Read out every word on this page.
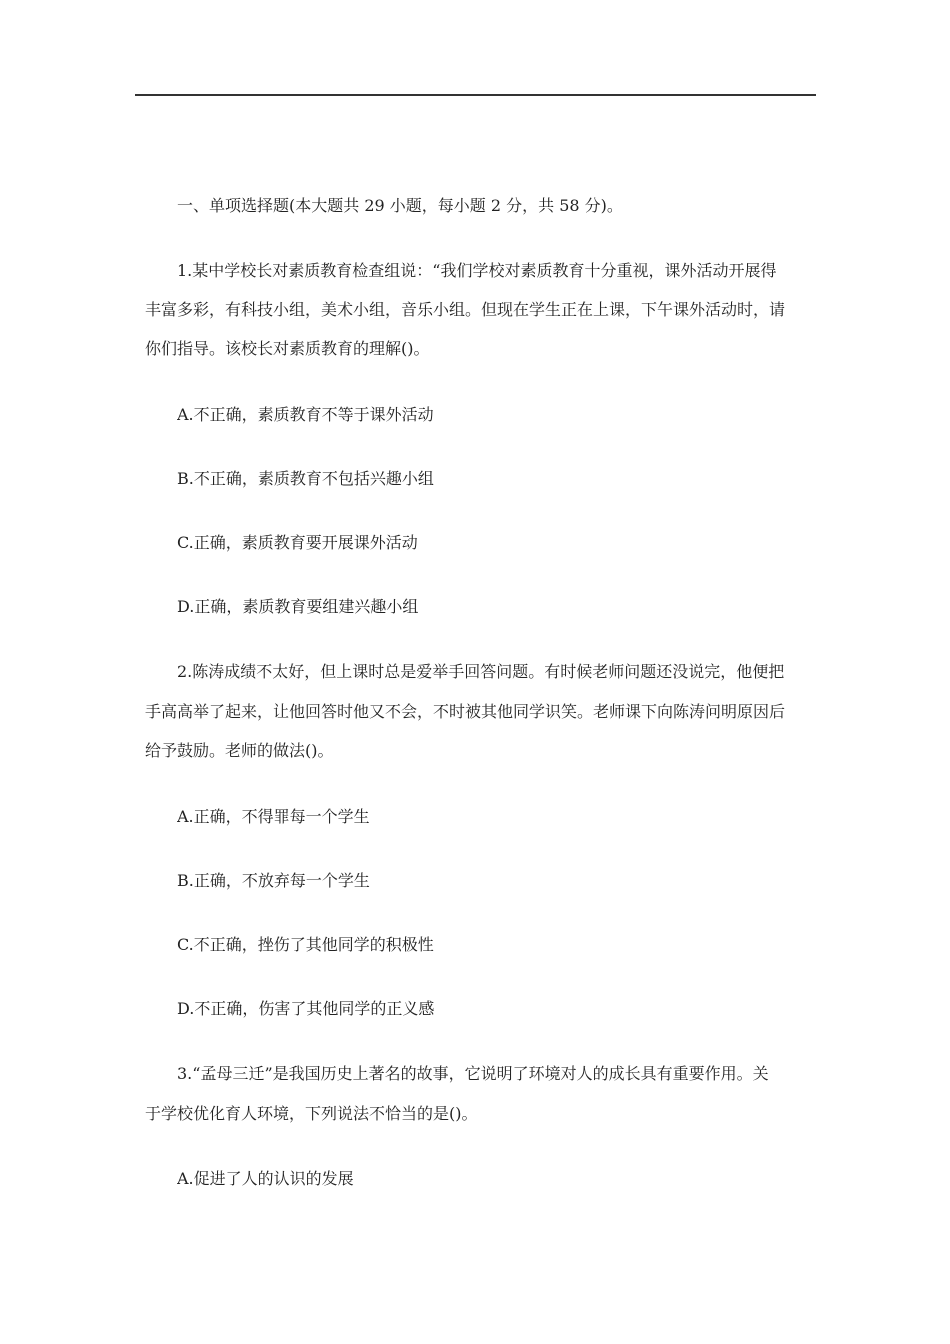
一、单项选择题(本大题共 29 小题，每小题 2 分，共 58 分)。
1.某中学校长对素质教育检查组说：“我们学校对素质教育十分重视，课外活动开展得
丰富多彩，有科技小组，美术小组，音乐小组。但现在学生正在上课，下午课外活动时，请
你们指导。该校长对素质教育的理解()。
A.不正确，素质教育不等于课外活动
B.不正确，素质教育不包括兴趣小组
C.正确，素质教育要开展课外活动
D.正确，素质教育要组建兴趣小组
2.陈涛成绩不太好，但上课时总是爱举手回答问题。有时候老师问题还没说完，他便把
手高高举了起来，让他回答时他又不会，不时被其他同学识笑。老师课下向陈涛问明原因后
给予鼓励。老师的做法()。
A.正确，不得罪每一个学生
B.正确，不放弃每一个学生
C.不正确，挫伤了其他同学的积极性
D.不正确，伤害了其他同学的正义感
3.“孟母三迁”是我国历史上著名的故事，它说明了环境对人的成长具有重要作用。关
于学校优化育人环境，下列说法不恰当的是()。
A.促进了人的认识的发展
